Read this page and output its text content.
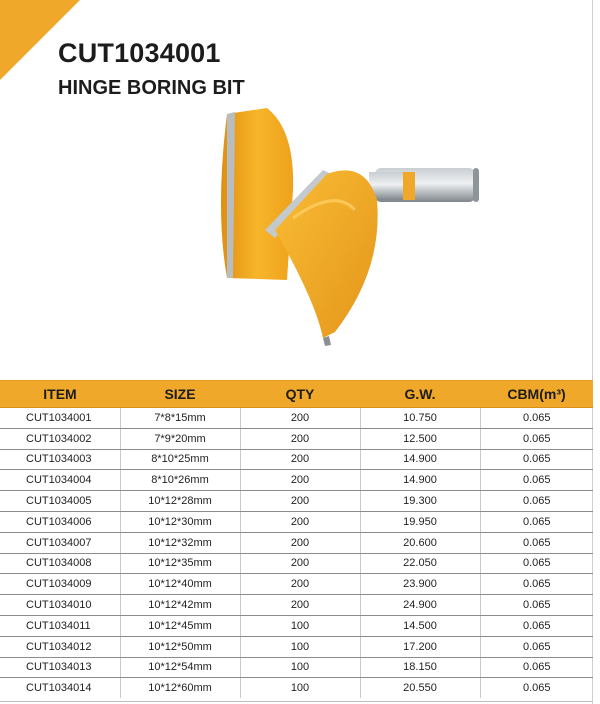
CUT1034001
HINGE BORING BIT
ITEM	SIZE	QTY	G.W.	CBM(m³)
CUT1034001	7*8*15mm	200	10.750	0.065
CUT1034002	7*9*20mm	200	12.500	0.065
CUT1034003	8*10*25mm	200	14.900	0.065
CUT1034004	8*10*26mm	200	14.900	0.065
CUT1034005	10*12*28mm	200	19.300	0.065
CUT1034006	10*12*30mm	200	19.950	0.065
CUT1034007	10*12*32mm	200	20.600	0.065
CUT1034008	10*12*35mm	200	22.050	0.065
CUT1034009	10*12*40mm	200	23.900	0.065
CUT1034010	10*12*42mm	200	24.900	0.065
CUT1034011	10*12*45mm	100	14.500	0.065
CUT1034012	10*12*50mm	100	17.200	0.065
CUT1034013	10*12*54mm	100	18.150	0.065
CUT1034014	10*12*60mm	100	20.550	0.065
